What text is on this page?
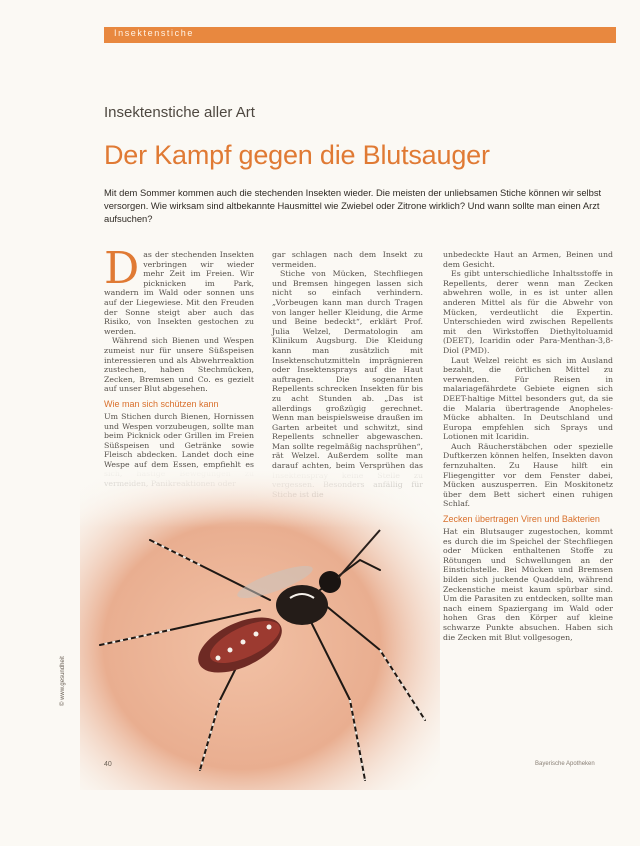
Insektenstiche
Insektenstiche aller Art
Der Kampf gegen die Blutsauger
Mit dem Sommer kommen auch die stechenden Insekten wieder. Die meisten der unliebsamen Stiche können wir selbst versorgen. Wie wirksam sind altbekannte Hausmittel wie Zwiebel oder Zitrone wirklich? Und wann sollte man einen Arzt aufsuchen?

Das der stechenden Insekten verbringen wir wieder mehr Zeit im Freien. Wir picknicken im Park, wandern im Wald oder sonnen uns auf der Liegewiese. Mit den Freuden der Sonne steigt aber auch das Risiko, von Insekten gestochen zu werden.

Während sich Bienen und Wespen zumeist nur für unsere Süßspeisen interessieren und als Abwehrreaktion zustechen, haben Stechmücken, Zecken, Bremsen und Co. es gezielt auf unser Blut abgesehen.

Wie man sich schützen kann

Um Stichen durch Bienen, Hornissen und Wespen vorzubeugen, sollte man beim Picknick oder Grillen im Freien Süßspeisen und Getränke sowie Fleisch abdecken. Landet doch eine Wespe auf dem Essen, empfiehlt es

gar schlagen nach dem Insekt zu vermeiden.

Stiche von Mücken, Stechfliegen und Bremsen hingegen lassen sich nicht so einfach verhindern. „Vorbeugen kann man durch Tragen von langer heller Kleidung, die Arme und Beine bedeckt“, erklärt Prof. Julia Welzel, Dermatologin am Klinikum Augsburg. Die Kleidung kann man zusätzlich mit Insektenschutzmitteln imprägnieren oder Insektensprays auf die Haut auftragen. Die sogenannten Repellents schrecken Insekten für bis zu acht Stunden ab. „Das ist allerdings großzügig gerechnet. Wenn man beispielsweise draußen im Garten arbeitet und schwitzt, sind Repellents schneller abgewaschen. Man sollte regelmäßig nachsprühen“, rät Welzel. Außerdem sollte man darauf achten, beim Versprühen das

unbedeckte Haut an Armen, Beinen und dem Gesicht.

Es gibt unterschiedliche Inhaltsstoffe in Repellents, derer wenn man Zecken abwehren wolle, in es ist unter allen anderen Mittel als für die Abwehr von Mücken, verdeutlicht die Expertin. Unterschieden wird zwischen Repellents mit den Wirkstoffen Diethyltoluamid (DEET), Icaridin oder Para-Menthan-3,8-Diol (PMD).

Laut Welzel reicht es sich im Ausland bezahlt, die örtlichen Mittel zu verwenden. Für Reisen in malariagefährdete Gebiete eignen sich DEET-haltige Mittel besonders gut, da sie die Malaria übertragende Anopheles-Mücke abhalten. In Deutschland und Europa empfehlen sich Sprays und Lotionen mit Icaridin.

Auch Räucherstäbchen oder spezielle Duftkerzen können helfen, Insekten davon fernzuhalten. Zu Hause hilft ein Fliegengitter vor dem Fenster dabei, Mücken auszusperren. Ein Moskitonetz über dem Bett sichert einen ruhigen Schlaf.

Zecken übertragen Viren und Bakterien

Hat ein Blutsauger zugestochen, kommt es durch die im Speichel der Stechfliegen oder Mücken enthaltenen Stoffe zu Rötungen und Schwellungen an der Einstichstelle. Bei Mücken und Bremsen bilden sich juckende Quaddeln, während Zeckenstiche meist kaum spürbar sind. Um die Parasiten zu entdecken, sollte man nach einem Spaziergang im Wald oder hohen Gras den Körper auf kleine schwarze Punkte absuchen. Haben sich die Zecken mit Blut vollgesogen,

© www.gesundheit
40	Bayerische Apotheken
